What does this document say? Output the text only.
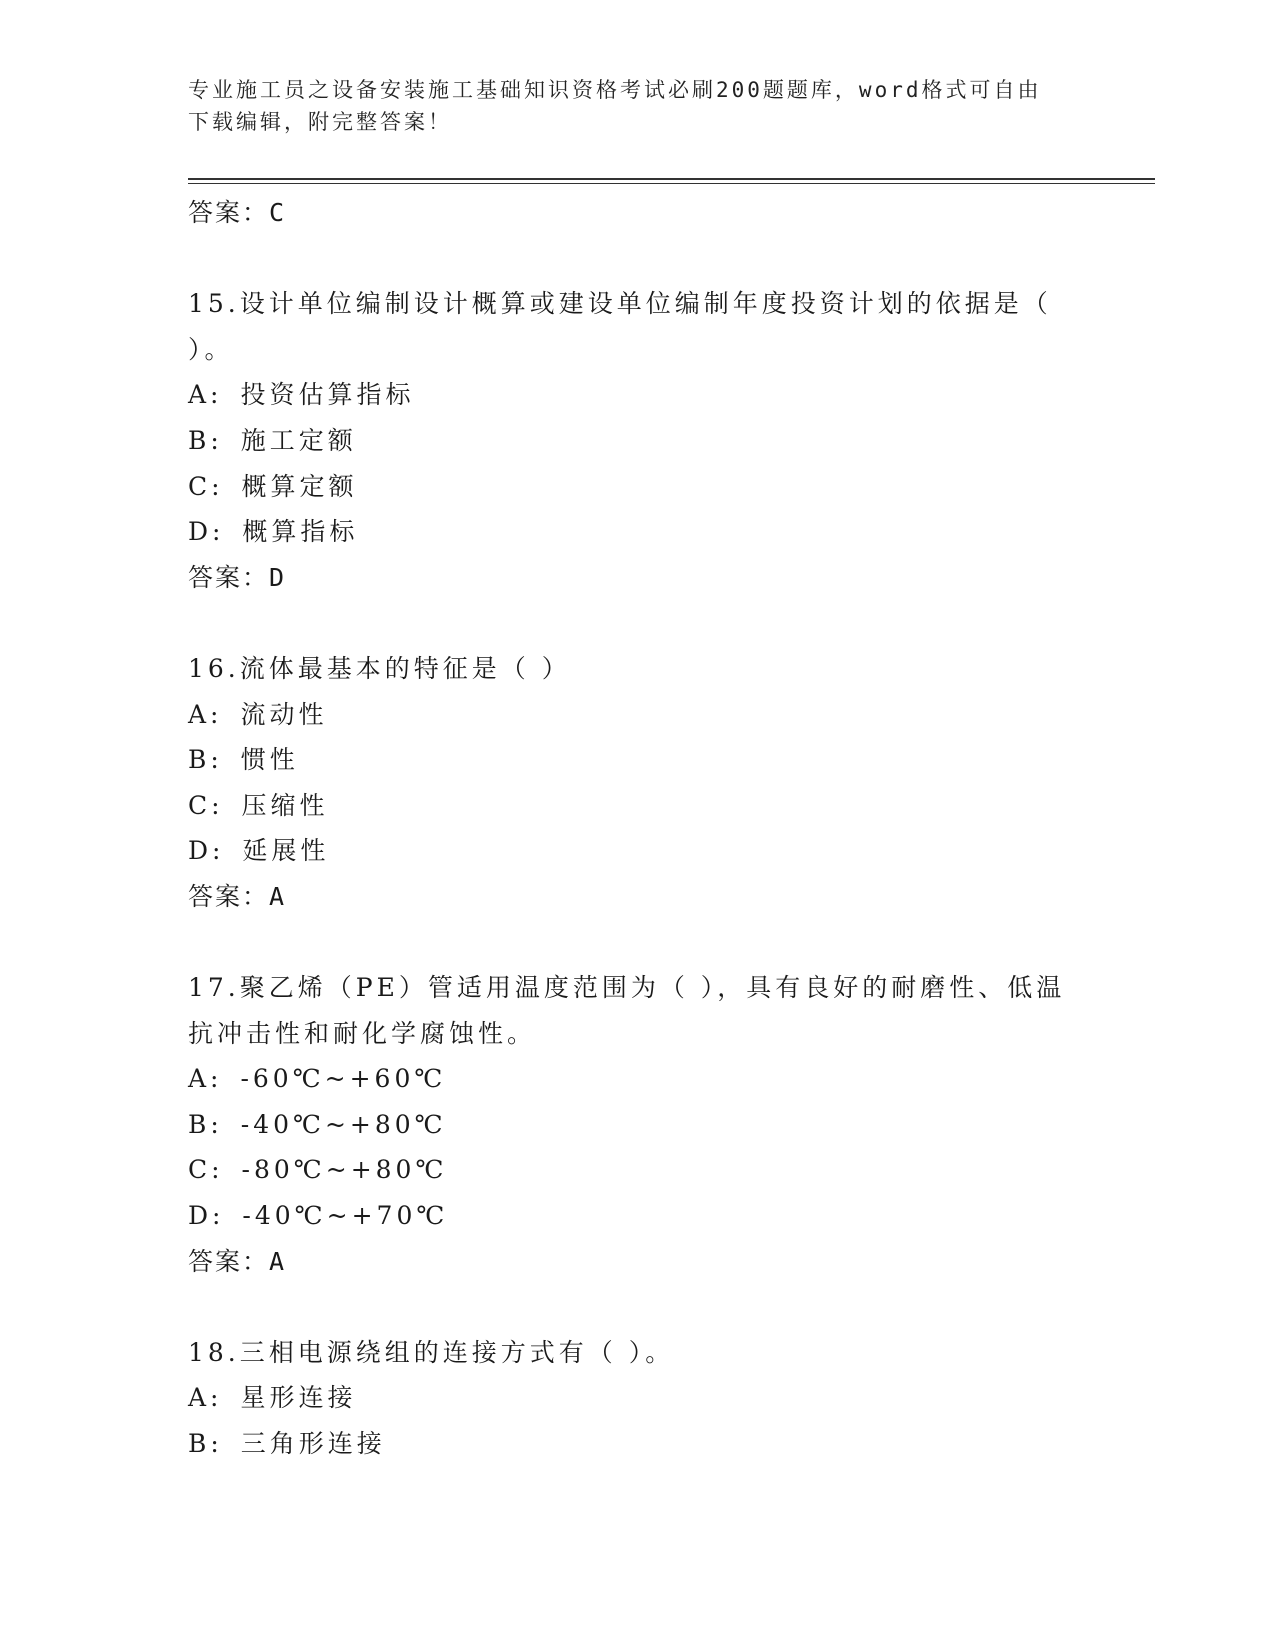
专业施工员之设备安装施工基础知识资格考试必刷200题题库，word格式可自由
下载编辑，附完整答案！
答案：C
15.设计单位编制设计概算或建设单位编制年度投资计划的依据是（
）。
A: 投资估算指标
B: 施工定额
C: 概算定额
D: 概算指标
答案：D
16.流体最基本的特征是（ ）
A: 流动性
B: 惯性
C: 压缩性
D: 延展性
答案：A
17.聚乙烯（PE）管适用温度范围为（ ），具有良好的耐磨性、低温
抗冲击性和耐化学腐蚀性。
A: -60℃~+60℃
B: -40℃~+80℃
C: -80℃~+80℃
D: -40℃~+70℃
答案：A
18.三相电源绕组的连接方式有（ ）。
A: 星形连接
B: 三角形连接
